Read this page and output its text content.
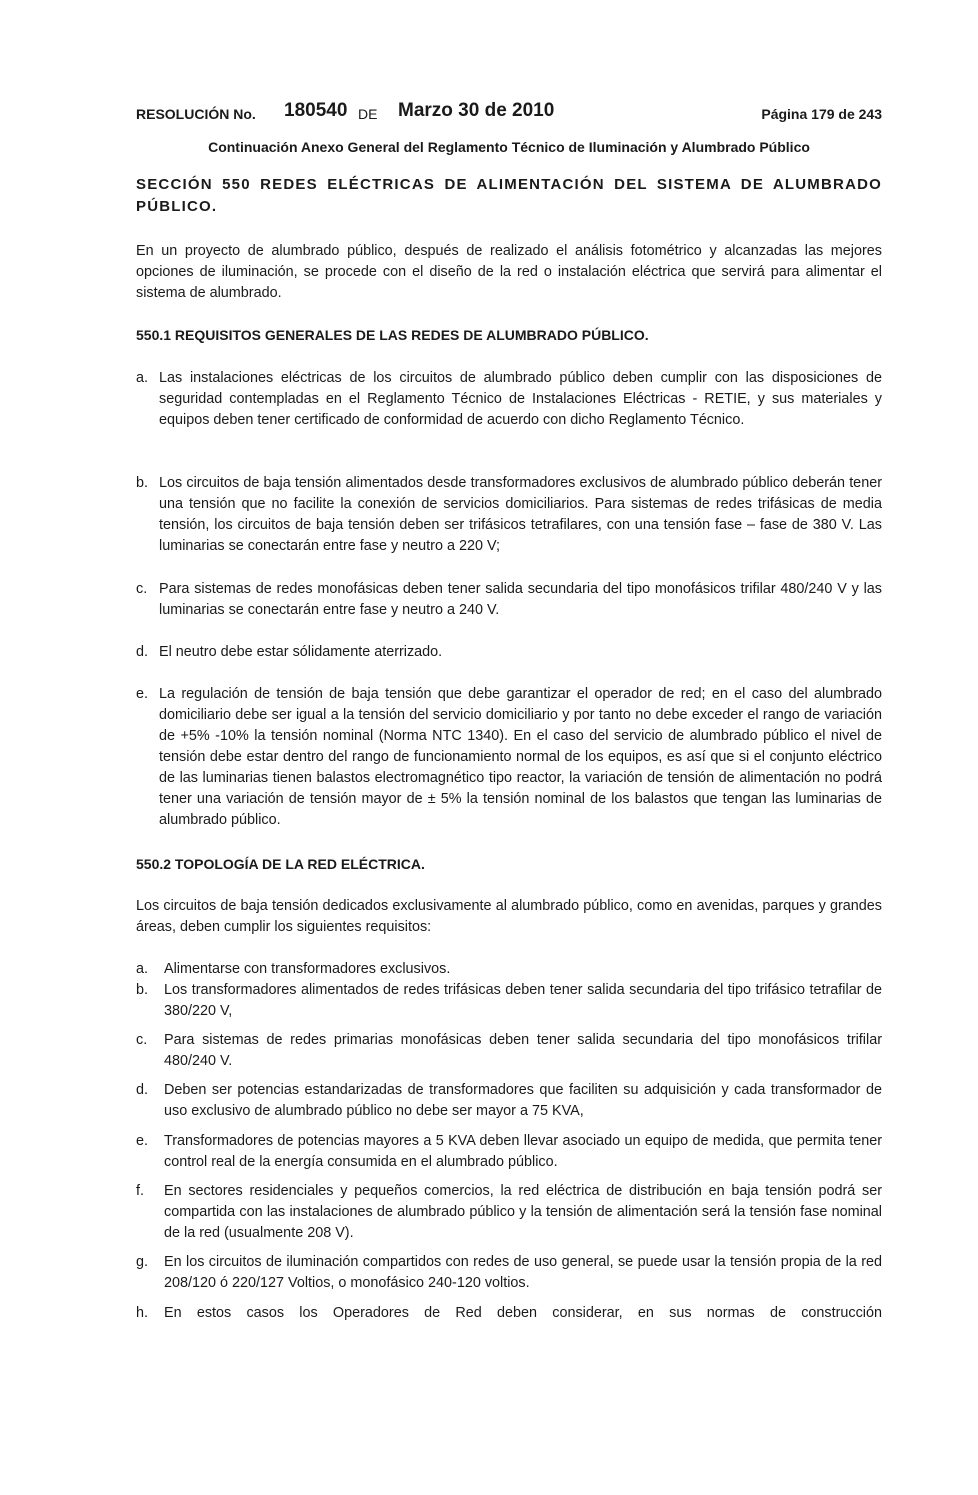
RESOLUCIÓN No. 180540 DE Marzo 30 de 2010	Página 179 de 243
Continuación Anexo General del Reglamento Técnico de Iluminación y Alumbrado Público
SECCIÓN 550 REDES ELÉCTRICAS DE ALIMENTACIÓN DEL SISTEMA DE ALUMBRADO PÚBLICO.
En un proyecto de alumbrado público, después de realizado el análisis fotométrico y alcanzadas las mejores opciones de iluminación, se procede con el diseño de la red o instalación eléctrica que servirá para alimentar el sistema de alumbrado.
550.1 REQUISITOS GENERALES DE LAS REDES DE ALUMBRADO PÚBLICO.
a. Las instalaciones eléctricas de los circuitos de alumbrado público deben cumplir con las disposiciones de seguridad contempladas en el Reglamento Técnico de Instalaciones Eléctricas - RETIE, y sus materiales y equipos deben tener certificado de conformidad de acuerdo con dicho Reglamento Técnico.
b. Los circuitos de baja tensión alimentados desde transformadores exclusivos de alumbrado público deberán tener una tensión que no facilite la conexión de servicios domiciliarios. Para sistemas de redes trifásicas de media tensión, los circuitos de baja tensión deben ser trifásicos tetrafilares, con una tensión fase – fase de 380 V. Las luminarias se conectarán entre fase y neutro a 220 V;
c. Para sistemas de redes monofásicas deben tener salida secundaria del tipo monofásicos trifilar 480/240 V y las luminarias se conectarán entre fase y neutro a 240 V.
d. El neutro debe estar sólidamente aterrizado.
e. La regulación de tensión de baja tensión que debe garantizar el operador de red; en el caso del alumbrado domiciliario debe ser igual a la tensión del servicio domiciliario y por tanto no debe exceder el rango de variación de +5% -10% la tensión nominal (Norma NTC 1340). En el caso del servicio de alumbrado público el nivel de tensión debe estar dentro del rango de funcionamiento normal de los equipos, es así que si el conjunto eléctrico de las luminarias tienen balastos electromagnético tipo reactor, la variación de tensión de alimentación no podrá tener una variación de tensión mayor de ± 5% la tensión nominal de los balastos que tengan las luminarias de alumbrado público.
550.2 TOPOLOGÍA DE LA RED ELÉCTRICA.
Los circuitos de baja tensión dedicados exclusivamente al alumbrado público, como en avenidas, parques y grandes áreas, deben cumplir los siguientes requisitos:
a. Alimentarse con transformadores exclusivos.
b. Los transformadores alimentados de redes trifásicas deben tener salida secundaria del tipo trifásico tetrafilar de 380/220 V,
c. Para sistemas de redes primarias monofásicas deben tener salida secundaria del tipo monofásicos trifilar 480/240 V.
d. Deben ser potencias estandarizadas de transformadores que faciliten su adquisición y cada transformador de uso exclusivo de alumbrado público no debe ser mayor a 75 KVA,
e. Transformadores de potencias mayores a 5 KVA deben llevar asociado un equipo de medida, que permita tener control real de la energía consumida en el alumbrado público.
f. En sectores residenciales y pequeños comercios, la red eléctrica de distribución en baja tensión podrá ser compartida con las instalaciones de alumbrado público y la tensión de alimentación será la tensión fase nominal de la red (usualmente 208 V).
g. En los circuitos de iluminación compartidos con redes de uso general, se puede usar la tensión propia de la red 208/120 ó 220/127 Voltios, o monofásico 240-120 voltios.
h. En estos casos los Operadores de Red deben considerar, en sus normas de construcción
